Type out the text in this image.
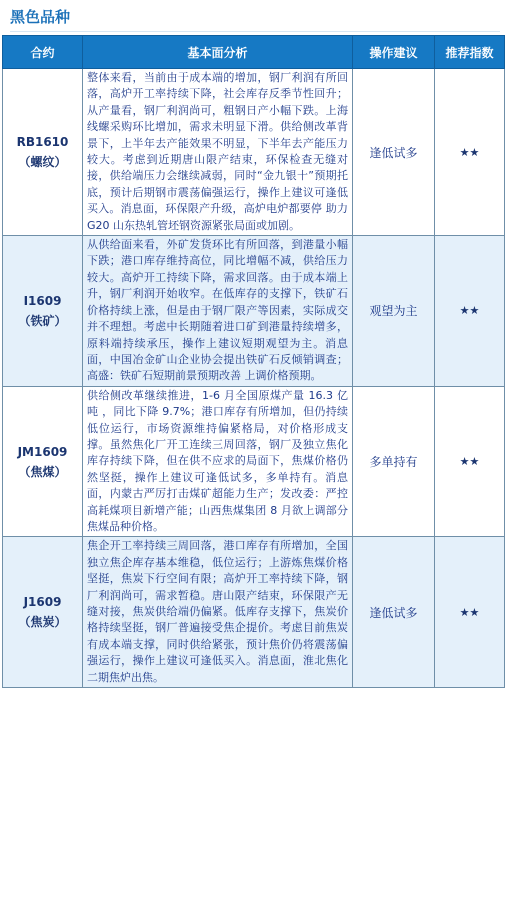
黑色品种
合约	基本面分析	操作建议	推荐指数

RB1610
（螺纹）	整体来看，当前由于成本端的增加，钢厂利润有所回落，高炉开工率持续下降，社会库存反季节性回升；从产量看，钢厂利润尚可，粗钢日产小幅下跌。上海线螺采购环比增加，需求未明显下滑。供给侧改革背景下，上半年去产能效果不明显，下半年去产能压力较大。考虑到近期唐山限产结束，环保检查无缝对接，供给端压力会继续减弱，同时“金九银十”预期托底，预计后期钢市震荡偏强运行，操作上建议可逢低买入。消息面，环保限产升级，高炉电炉都要停 助力 G20 山东热轧管坯钢资源紧张局面或加剧。	逢低试多	★★

I1609
（铁矿）	从供给面来看，外矿发货环比有所回落，到港量小幅下跌；港口库存维持高位，同比增幅不减，供给压力较大。高炉开工持续下降，需求回落。由于成本端上升，钢厂利润开始收窄。在低库存的支撑下，铁矿石价格持续上涨，但是由于钢厂限产等因素，实际成交并不理想。考虑中长期随着进口矿到港量持续增多，原料端持续承压，操作上建议短期观望为主。消息面，中国冶金矿山企业协会提出铁矿石反倾销调查；高盛：铁矿石短期前景预期改善 上调价格预期。	观望为主	★★

JM1609
（焦煤）	供给侧改革继续推进，1-6 月全国原煤产量 16.3 亿吨 ，同比下降 9.7%；港口库存有所增加，但仍持续低位运行，市场资源维持偏紧格局，对价格形成支撑。虽然焦化厂开工连续三周回落，钢厂及独立焦化库存持续下降，但在供不应求的局面下，焦煤价格仍然坚挺，操作上建议可逢低试多，多单持有。消息面，内蒙古严厉打击煤矿超能力生产；发改委：严控高耗煤项目新增产能；山西焦煤集团 8 月欲上调部分焦煤品种价格。	多单持有	★★

J1609
（焦炭）	焦企开工率持续三周回落，港口库存有所增加，全国独立焦企库存基本维稳，低位运行；上游炼焦煤价格坚挺，焦炭下行空间有限；高炉开工率持续下降，钢厂利润尚可，需求暂稳。唐山限产结束，环保限产无缝对接，焦炭供给端仍偏紧。低库存支撑下，焦炭价格持续坚挺，钢厂普遍接受焦企提价。考虑目前焦炭有成本端支撑，同时供给紧张，预计焦价仍将震荡偏强运行，操作上建议可逢低买入。消息面，淮北焦化二期焦炉出焦。	逢低试多	★★
